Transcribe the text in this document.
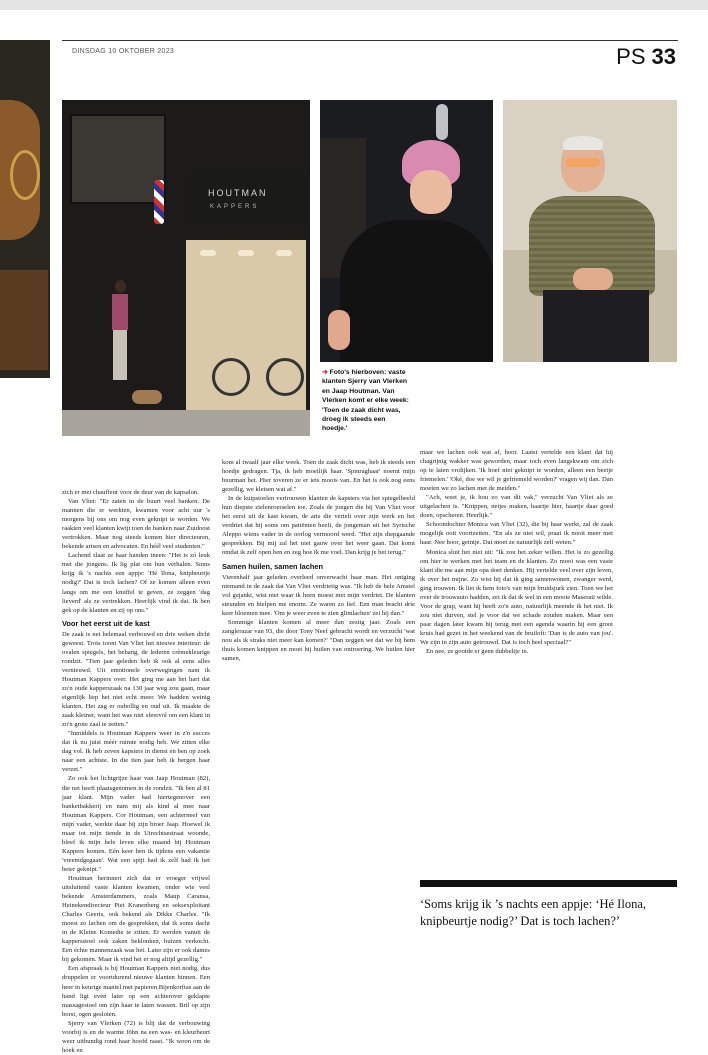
DINSDAG 10 OKTOBER 2023	PS 33
HOUTMAN
KAPPERS
➜ Foto's hierboven: vaste klanten Sjerry van Vlerken en Jaap Houtman. Van Vlerken komt er elke week: 'Toen de zaak dicht was, droeg ik steeds een hoedje.'

zich er met chauffeur voor de deur van de kapsalon.

Van Vliet: "Er zaten in de buurt veel banken. De mannen die er werkten, kwamen voor acht uur 's morgens bij ons om nog even geknipt te worden. We raakten veel klanten kwijt toen de banken naar Zuidoost vertrokken. Maar nog steeds komen hier directeuren, bekende artsen en advocaten. En héél veel studenten."

Lachend slaat ze haar handen ineen: "Het is zó leuk met die jongens. Ik lig plat om hun verhalen. Soms krijg ik 's nachts een appje: 'Hé Ilona, knipbeurtje nodig?' Dat is toch lachen? Of ze komen alleen even langs om me een knuffel te geven, ze zeggen 'dag lieverd' als ze vertrekken. Heerlijk vind ik dat. Ik ben gek op de klanten en zij op ons."

Voor het eerst uit de kast

De zaak is net helemaal verbouwd en drie weken dicht geweest. Trots toont Van Vliet het nieuwe interieur: de ovalen spiegels, het behang, de lederen crèmekleurige rondzit. "Tien jaar geleden heb ik ook al eens alles vernieuwd. Uit emotionele overwegingen nam ik Houtman Kappers over. Het ging me aan het hart dat zo'n oude kapperszaak na 130 jaar weg zou gaan, maar eigenlijk liep het niet echt meer. We hadden weinig klanten. Het zag er oubollig en oud uit. Ik maakte de zaak kleiner, want het was niet sfeervol om een klant in zo'n grote zaal te zetten."

"Inmiddels is Houtman Kappers weer in z'n succes dat ik nu juist méér ruimte nodig heb. We zitten elke dag vol. Ik heb zeven kapsters in dienst en ben op zoek naar een achtste. In die tien jaar heb ik bergen haar verzet."

Zo ook het lichtgrijze haar van Jaap Houtman (82), die net heeft plaatsgenomen in de rondzit. "Ik ben al 81 jaar klant. Mijn vader had hiertegenover een banketbakkerij en nam mij als kind al mee naar Houtman Kappers. Cor Houtman, een achterneef van mijn vader, werkte daar bij zijn broer Jaap. Hoewel ik maar tot mijn tiende in de Utrechtsestraat woonde, bleef ik mijn hele leven elke maand bij Houtman Kappers komen. Eén keer ben ik tijdens een vakantie 'vreemdgegaan'. Wat een spijt had ik zelf had ik het beter geknipt."

Houtman herinnert zich dat er vroeger vrijwel uitsluitend vaste klanten kwamen, onder wie veel bekende Amsterdammers, zoals Maup Caransa, Heinekendirecteur Piet Kranenberg en seksexploitant Charles Geerts, ook bekend als Dikke Charles. "Ik moest zo lachen om de gesprekken, dat ik soms dacht in de Kleine Komedie te zitten. Er werden vanuit de kappersstoel ook zaken beklonken, huizen verkocht. Een échte mannenzaak was het. Later zijn er ook dames bij gekomen. Maar ik vind het er nog altijd gezellig."

Een afspraak is bij Houtman Kappers niet nodig, dus druppelen er voortdurend nieuwe klanten binnen. Een heer in keurige mantel met papieren Bijenkorftas aan de hand ligt even later op een achterover geklapte massagestoel om zijn haar te laten wassen. Bril op zijn borst, ogen gesloten.

Sjerry van Vlerken (72) is blij dat de verbouwing voorbij is en de warme föhn na een was- en kleurbeurt weer uitbundig rond haar hoofd raast. "Ik woon om de hoek en

kom al twaalf jaar elke week. Toen de zaak dicht was, heb ik steeds een hoedje gedragen. Tja, ik heb moeilijk haar. 'Spinraghaar' noemt mijn buurman het. Hier toveren ze er iets moois van. En het is ook nog eens gezellig, we kletsen wat af."

In de kuipstoelen vertrouwen klanten de kapsters via het spiegelbeeld hun diepste zielenroerselen toe. Zoals de jongen die bij Van Vliet voor het eerst uit de kast kwam, de arts die vertelt over zijn werk en het verdriet dat hij soms om patiënten heeft, de jongeman uit het Syrische Aleppo wiens vader in de oorlog vermoord werd. "Het zijn diepgaande gesprekken. Bij mij zal het niet gauw over het weer gaan. Dat komt omdat ik zelf open ben en zeg hoe ik me voel. Dan krijg je het terug."

Samen huilen, samen lachen

Vierenhalf jaar geleden overleed onverwacht haar man. Het ontging niemand in de zaak dat Van Vliet verdrietig was. "Ik heb de hele Amstel vol gejankt, wist niet waar ik heen moest met mijn verdriet. De klanten steunden en hielpen me enorm. Ze waren zo lief. Een man bracht drie keer bloemen mee. 'Om je weer even te zien glimlachen' zei hij dan."

Sommige klanten komen al meer dan zestig jaar. Zoals een zanglerazar van 93, die door Tony Neef gebracht wordt en verzucht 'wat nou als ik straks niet meer kan komen?' "Dan zeggen we dat we bij hem thuis komen knippen en moet hij huilen van ontroering. We huilen hier samen,

maar we lachen ook wat af, hoor. Laatst vertelde een klant dat hij chagrijnig wakker was geworden, maar toch even langskwam om zich op te laten vrolijken. 'Ik hoef niet geknipt te worden, alleen een beetje friemelen.' 'Oké, doe we wil je gefriemeld worden?' vragen wij dan. Dan moeten we zo lachen met de meiden."

"Ach, weet je, ik hou zo van dit vak," verzucht Van Vliet als ze uitgelachen is. "Knippen, netjes maken, haartje hier, haartje daar goed doen, opscheren. Heerlijk."

Schoondochter Monica van Vliet (32), die bij haar werkt, zal de zaak mogelijk ooit voortzetten. "En als ze niet wil, praat ik nooit meer met haar. Nee hoor, geintje. Dat moet ze natuurlijk zelf weten."

Monica sluit het niet uit: "Ik zou het zeker willen. Het is zo gezellig om hier te werken met het team en de klanten. Zo mooi was een vaste klant die me aan mijn opa doet denken. Hij vertelde veel over zijn leven, ik over het mijne. Zo wist hij dat ik ging samenwonen, zwanger werd, ging trouwen. Ik liet ik hem foto's van mijn bruidsjurk zien. Toen we het over de trouwauto hadden, zei ik dat ik wel in een mooie Maserati wilde. Voor de grap, want hij heeft zo'n auto, natuurlijk meende ik het niet. Ik zou niet durven, stel je voor dat we schade zouden maken. Maar een paar dagen later kwam hij terug met een agenda waarin hij een groot kruis had gezet in het weekend van de bruiloft: 'Dan is de auto van jou'. We zijn in zijn auto getrouwd. Dat is toch heel speciaal?"

En nee, ze gooide er geen dubbeltje in.

‘Soms krijg ik ’s nachts een appje: ‘Hé Ilona, knipbeurtje nodig?’ Dat is toch lachen?’
